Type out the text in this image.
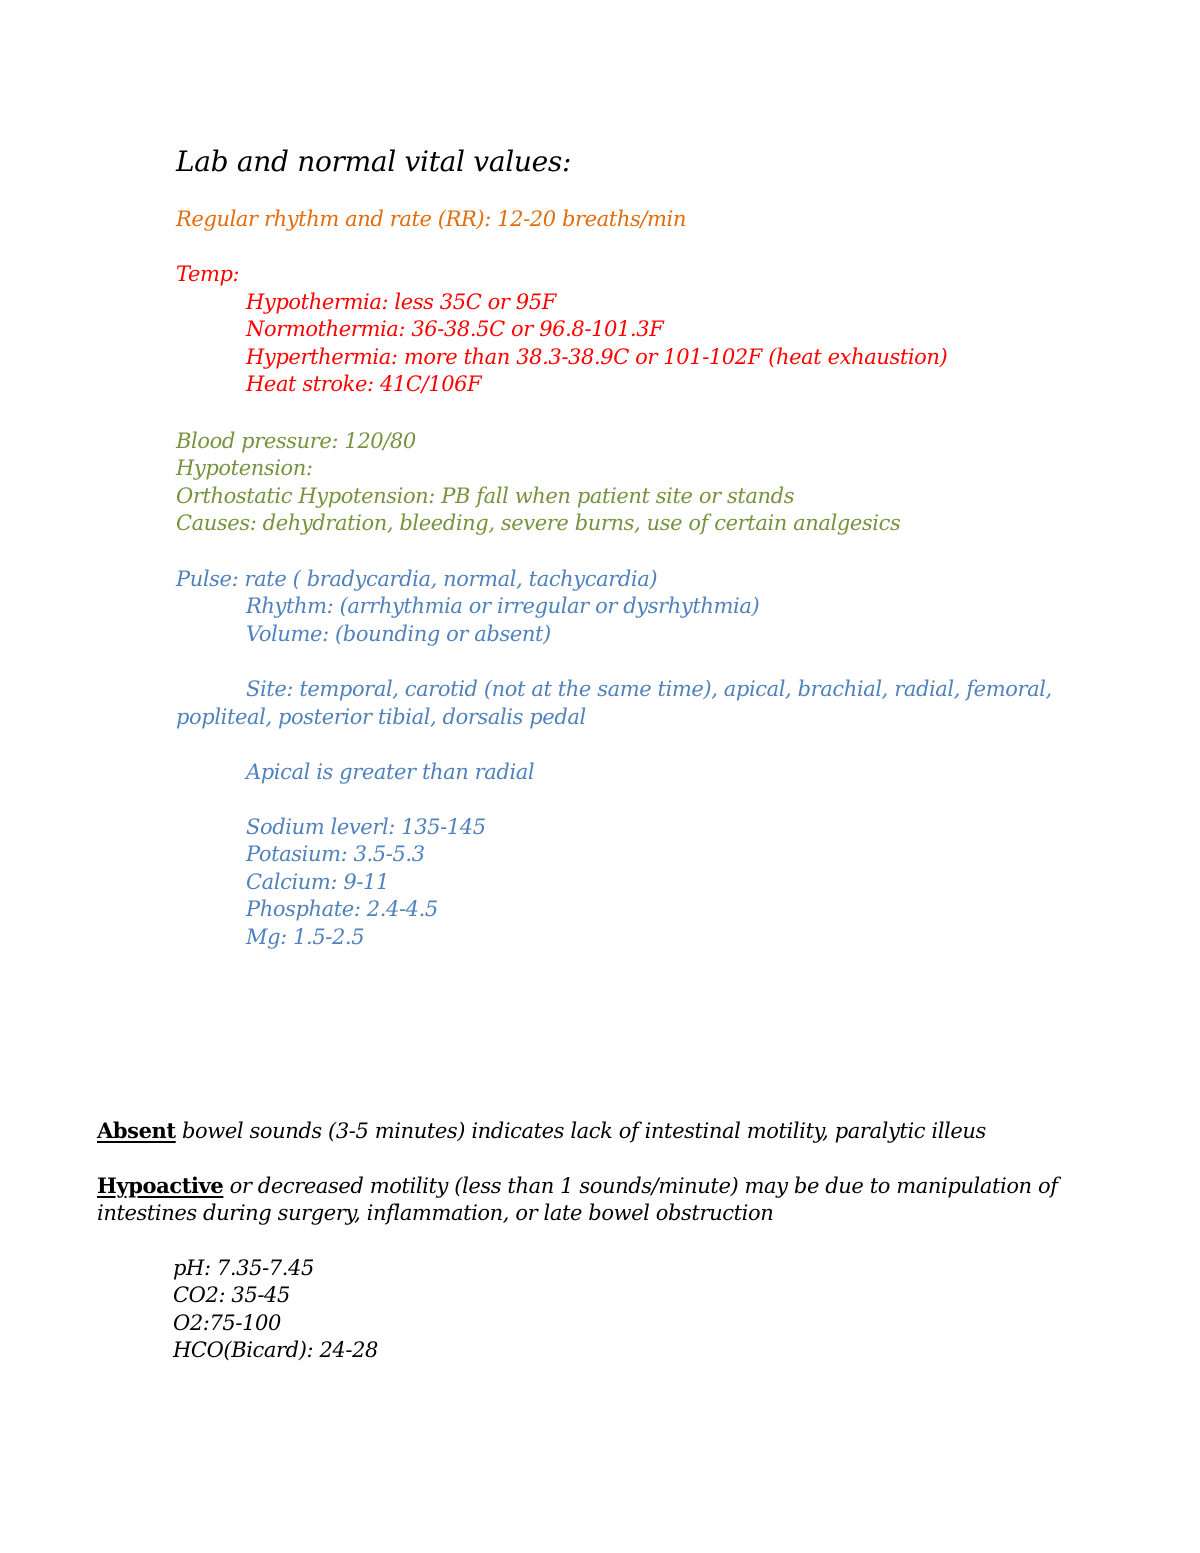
Lab and normal vital values:
Regular rhythm and rate (RR): 12-20 breaths/min
Temp:
Hypothermia: less 35C or 95F
Normothermia: 36-38.5C or 96.8-101.3F
Hyperthermia: more than 38.3-38.9C or 101-102F (heat exhaustion)
Heat stroke: 41C/106F
Blood pressure: 120/80
Hypotension:
Orthostatic Hypotension: PB fall when patient site or stands
Causes: dehydration, bleeding, severe burns, use of certain analgesics
Pulse: rate ( bradycardia, normal, tachycardia)
Rhythm: (arrhythmia or irregular or dysrhythmia)
Volume: (bounding or absent)
Site: temporal, carotid (not at the same time), apical, brachial, radial, femoral,
popliteal, posterior tibial, dorsalis pedal
Apical is greater than radial
Sodium leverl: 135-145
Potasium: 3.5-5.3
Calcium: 9-11
Phosphate: 2.4-4.5
Mg: 1.5-2.5
Absent bowel sounds (3-5 minutes) indicates lack of intestinal motility, paralytic illeus
Hypoactive or decreased motility (less than 1 sounds/minute) may be due to manipulation of
intestines during surgery, inflammation, or late bowel obstruction
pH: 7.35-7.45
CO2: 35-45
O2:75-100
HCO(Bicard): 24-28
